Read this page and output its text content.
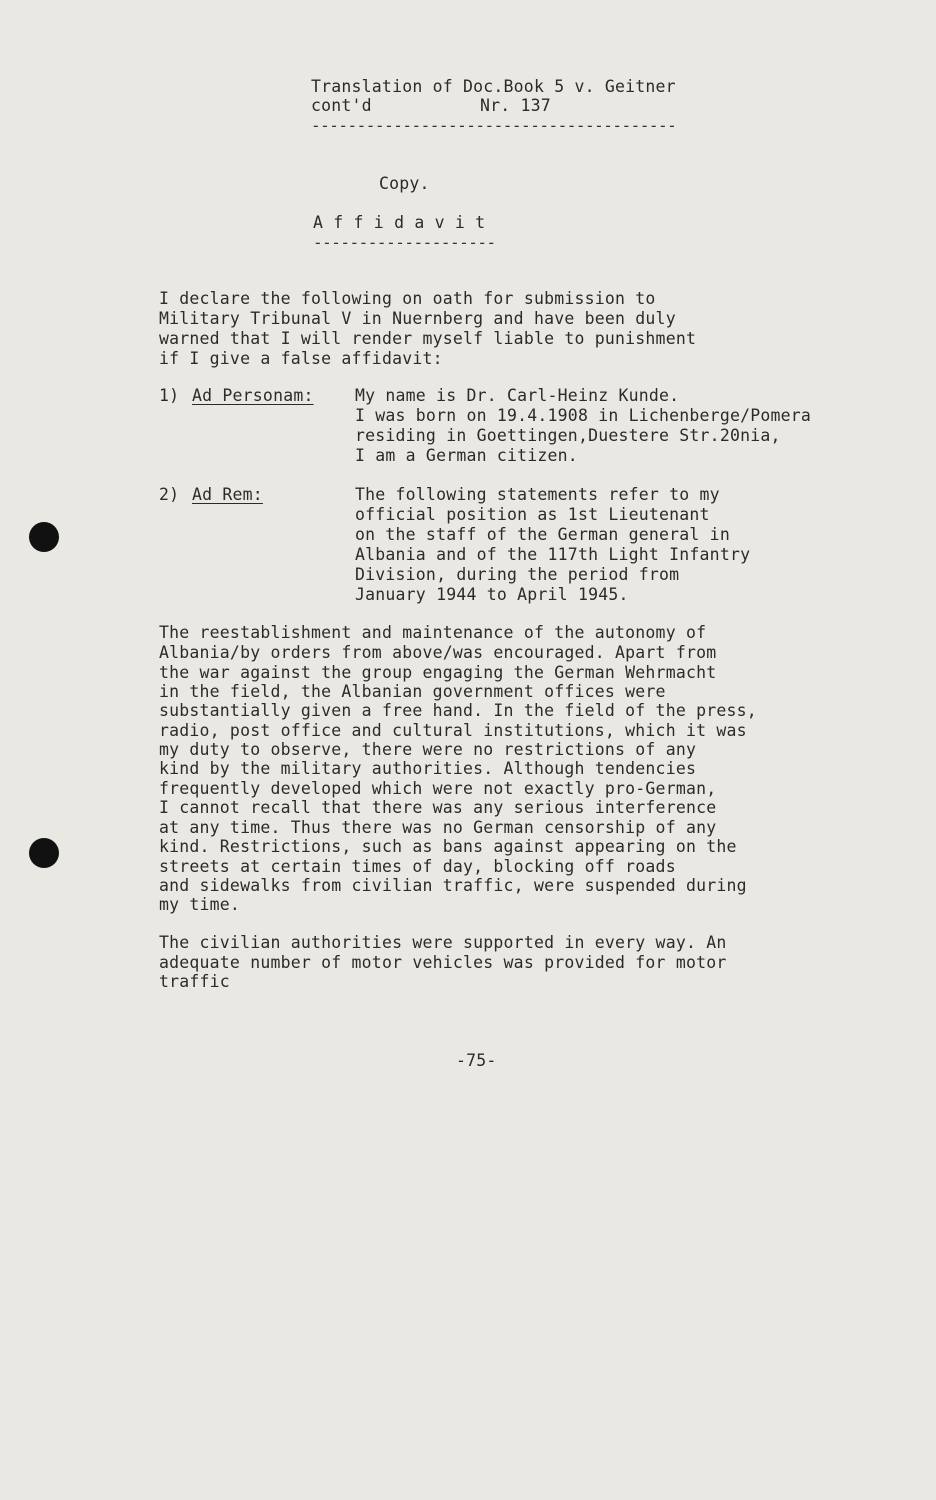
Translation of Doc.Book 5 v. Geitner
cont'd	Nr. 137
----------------------------------------
Copy.
A f f i d a v i t
--------------------
I declare the following on oath for submission to
Military Tribunal V in Nuernberg and have been duly
warned that I will render myself liable to punishment
if I give a false affidavit:
1) Ad Personam:	My name is Dr. Carl-Heinz Kunde.
I was born on 19.4.1908 in Lichenberge/Pomera
residing in Goettingen,Duestere Str.20nia,
I am a German citizen.
2) Ad Rem:	The following statements refer to my
official position as 1st Lieutenant
on the staff of the German general in
Albania and of the 117th Light Infantry
Division, during the period from
January 1944 to April 1945.
The reestablishment and maintenance of the autonomy of
Albania/by orders from above/was encouraged. Apart from
the war against the group engaging the German Wehrmacht
in the field, the Albanian government offices were
substantially given a free hand. In the field of the press,
radio, post office and cultural institutions, which it was
my duty to observe, there were no restrictions of any
kind by the military authorities. Although tendencies
frequently developed which were not exactly pro-German,
I cannot recall that there was any serious interference
at any time. Thus there was no German censorship of any
kind. Restrictions, such as bans against appearing on the
streets at certain times of day, blocking off roads
and sidewalks from civilian traffic, were suspended during
my time.
The civilian authorities were supported in every way. An
adequate number of motor vehicles was provided for motor
traffic
-75-
